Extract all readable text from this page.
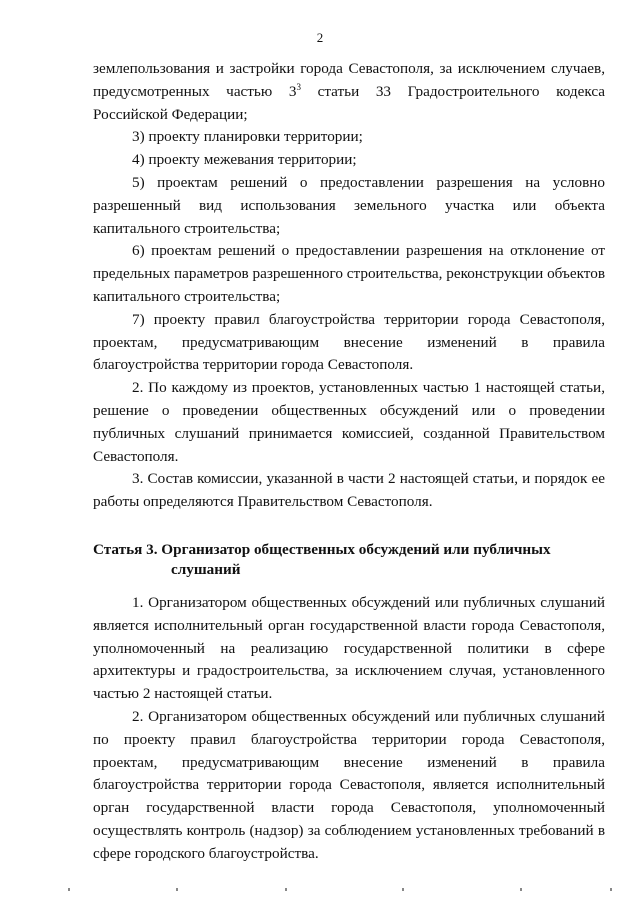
2

землепользования и застройки города Севастополя, за исключением случаев, предусмотренных частью $3^3$ статьи 33 Градостроительного кодекса Российской Федерации;

3) проекту планировки территории;

4) проекту межевания территории;

5) проектам решений о предоставлении разрешения на условно разрешенный вид использования земельного участка или объекта капитального строительства;

6) проектам решений о предоставлении разрешения на отклонение от предельных параметров разрешенного строительства, реконструкции объектов капитального строительства;

7) проекту правил благоустройства территории города Севастополя, проектам, предусматривающим внесение изменений в правила благоустройства территории города Севастополя.

2. По каждому из проектов, установленных частью 1 настоящей статьи, решение о проведении общественных обсуждений или о проведении публичных слушаний принимается комиссией, созданной Правительством Севастополя.

3. Состав комиссии, указанной в части 2 настоящей статьи, и порядок ее работы определяются Правительством Севастополя.

Статья 3. Организатор общественных обсуждений или публичных
слушаний

1. Организатором общественных обсуждений или публичных слушаний является исполнительный орган государственной власти города Севастополя, уполномоченный на реализацию государственной политики в сфере архитектуры и градостроительства, за исключением случая, установленного частью 2 настоящей статьи.

2. Организатором общественных обсуждений или публичных слушаний по проекту правил благоустройства территории города Севастополя, проектам, предусматривающим внесение изменений в правила благоустройства территории города Севастополя, является исполнительный орган государственной власти города Севастополя, уполномоченный осуществлять контроль (надзор) за соблюдением установленных требований в сфере городского благоустройства.
